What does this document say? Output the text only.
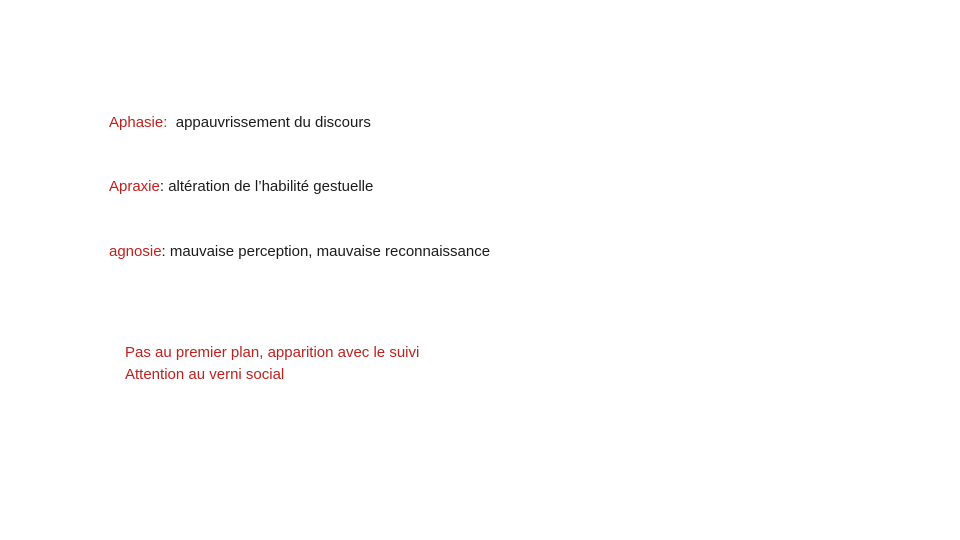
Aphasie:  appauvrissement du discours
Apraxie: altération de l’habilité gestuelle
agnosie: mauvaise perception, mauvaise reconnaissance
Pas au premier plan, apparition avec le suivi
Attention au verni social
